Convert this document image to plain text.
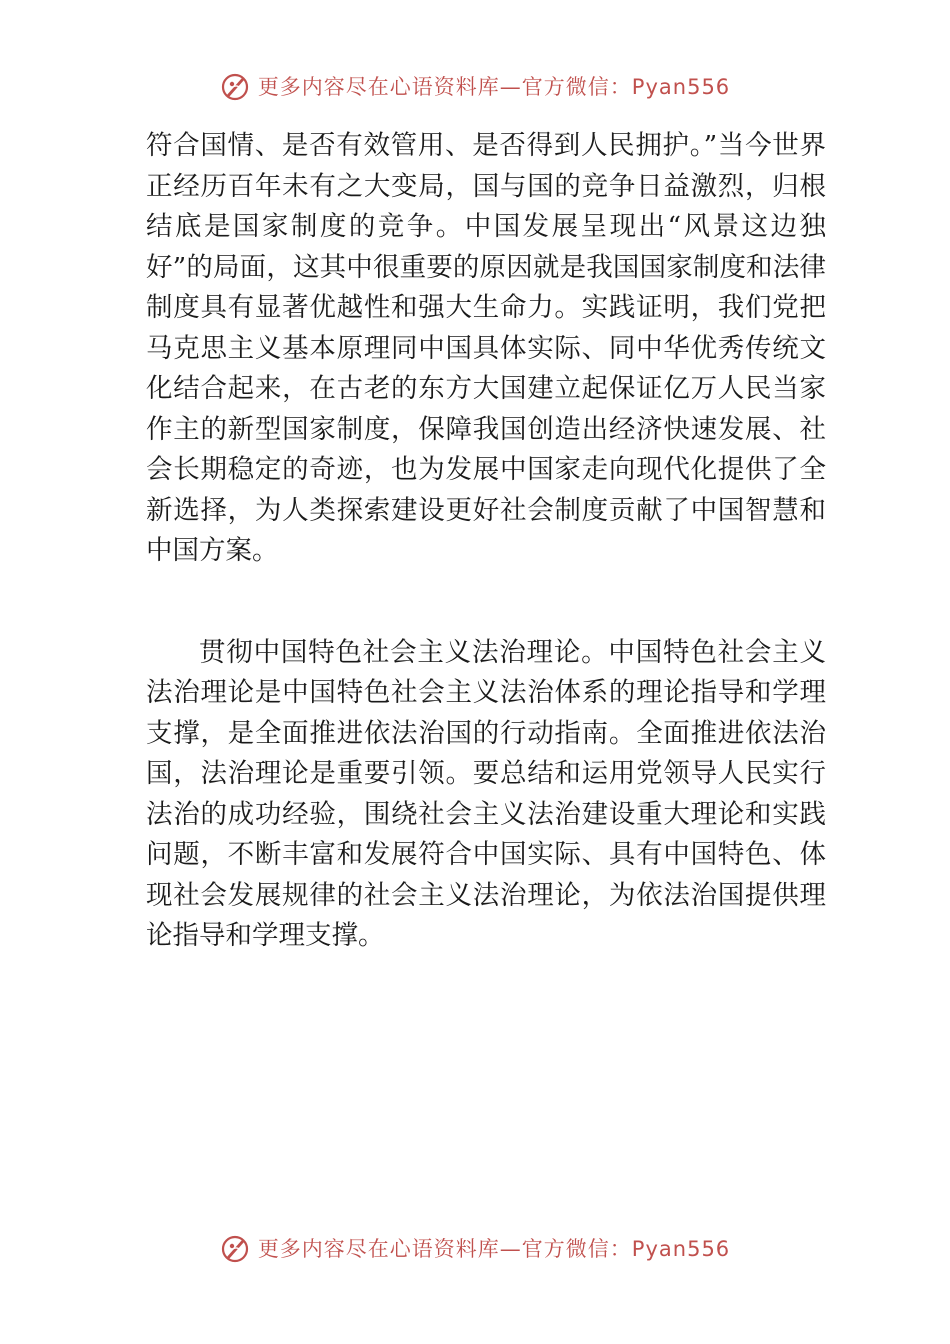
更多内容尽在心语资料库—官方微信：Pyan556

符合国情、是否有效管用、是否得到人民拥护。”当今世界正经历百年未有之大变局，国与国的竞争日益激烈，归根结底是国家制度的竞争。中国发展呈现出“风景这边独好”的局面，这其中很重要的原因就是我国国家制度和法律制度具有显著优越性和强大生命力。实践证明，我们党把马克思主义基本原理同中国具体实际、同中华优秀传统文化结合起来，在古老的东方大国建立起保证亿万人民当家作主的新型国家制度，保障我国创造出经济快速发展、社会长期稳定的奇迹，也为发展中国家走向现代化提供了全新选择，为人类探索建设更好社会制度贡献了中国智慧和中国方案。

贯彻中国特色社会主义法治理论。中国特色社会主义法治理论是中国特色社会主义法治体系的理论指导和学理支撑，是全面推进依法治国的行动指南。全面推进依法治国，法治理论是重要引领。要总结和运用党领导人民实行法治的成功经验，围绕社会主义法治建设重大理论和实践问题，不断丰富和发展符合中国实际、具有中国特色、体现社会发展规律的社会主义法治理论，为依法治国提供理论指导和学理支撑。

更多内容尽在心语资料库—官方微信：Pyan556
